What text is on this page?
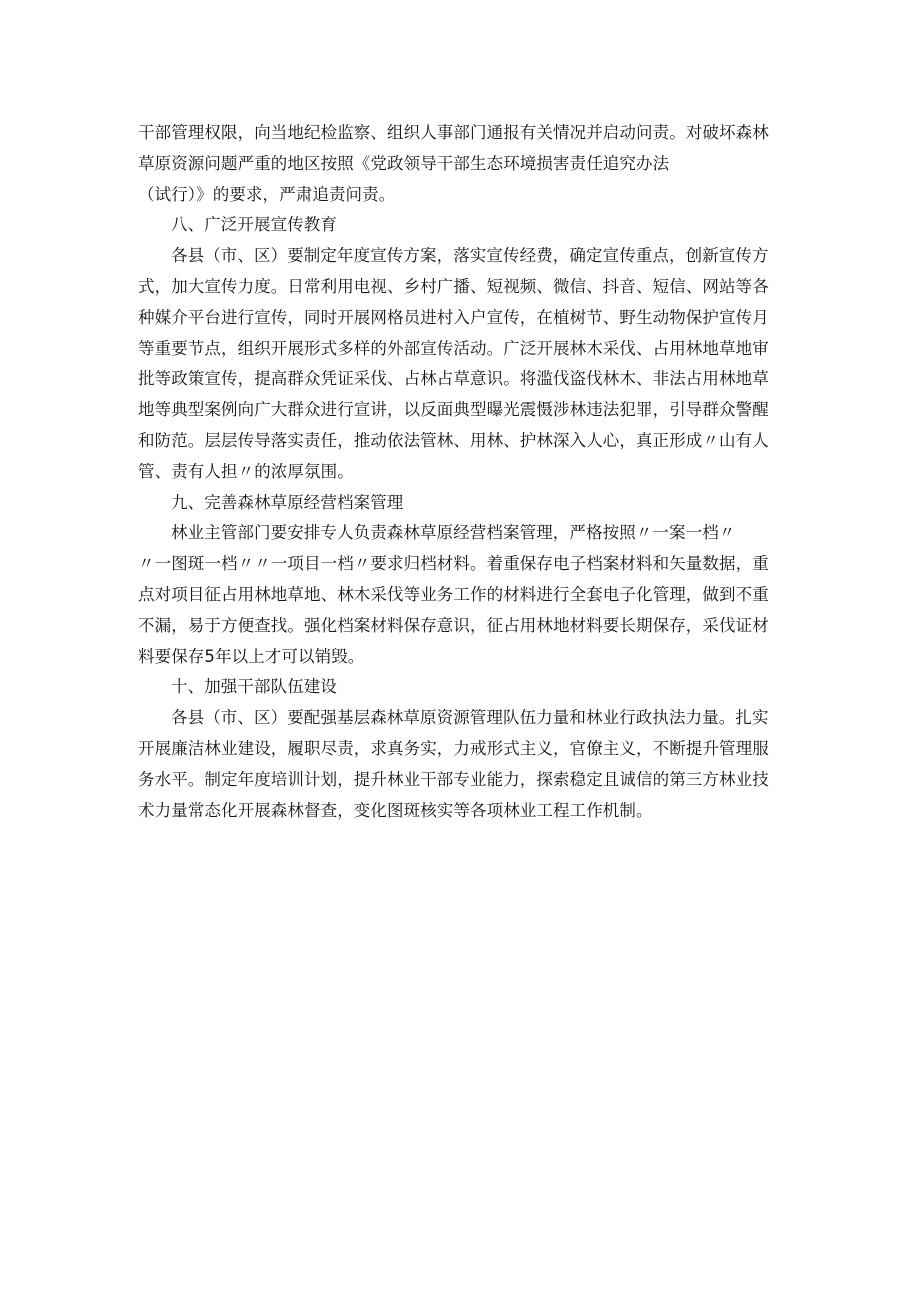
干部管理权限，向当地纪检监察、组织人事部门通报有关情况并启动问责。对破坏森林
草原资源问题严重的地区按照《党政领导干部生态环境损害责任追究办法
（试行）》的要求，严肃追责问责。
八、广泛开展宣传教育
各县（市、区）要制定年度宣传方案，落实宣传经费，确定宣传重点，创新宣传方
式，加大宣传力度。日常利用电视、乡村广播、短视频、微信、抖音、短信、网站等各
种媒介平台进行宣传，同时开展网格员进村入户宣传，在植树节、野生动物保护宣传月
等重要节点，组织开展形式多样的外部宣传活动。广泛开展林木采伐、占用林地草地审
批等政策宣传，提高群众凭证采伐、占林占草意识。将滥伐盗伐林木、非法占用林地草
地等典型案例向广大群众进行宣讲，以反面典型曝光震慑涉林违法犯罪，引导群众警醒
和防范。层层传导落实责任，推动依法管林、用林、护林深入人心，真正形成〃山有人
管、责有人担〃的浓厚氛围。
九、完善森林草原经营档案管理
林业主管部门要安排专人负责森林草原经营档案管理，严格按照〃一案一档〃
〃一图斑一档〃〃一项目一档〃要求归档材料。着重保存电子档案材料和矢量数据，重
点对项目征占用林地草地、林木采伐等业务工作的材料进行全套电子化管理，做到不重
不漏，易于方便查找。强化档案材料保存意识，征占用林地材料要长期保存，采伐证材
料要保存5年以上才可以销毁。
十、加强干部队伍建设
各县（市、区）要配强基层森林草原资源管理队伍力量和林业行政执法力量。扎实
开展廉洁林业建设，履职尽责，求真务实，力戒形式主义，官僚主义，不断提升管理服
务水平。制定年度培训计划，提升林业干部专业能力，探索稳定且诚信的第三方林业技
术力量常态化开展森林督查，变化图斑核实等各项林业工程工作机制。
